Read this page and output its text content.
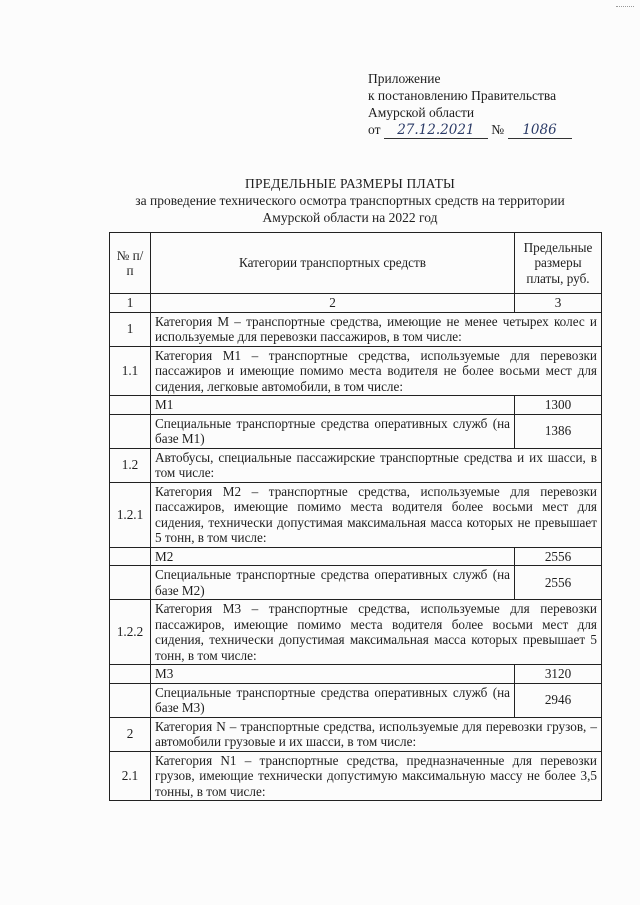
Приложение
к постановлению Правительства
Амурской области
от 27.12.2021 № 1086
ПРЕДЕЛЬНЫЕ РАЗМЕРЫ ПЛАТЫ
за проведение технического осмотра транспортных средств на территории
Амурской области на 2022 год
№ п/п	Категории транспортных средств	Предельные размеры платы, руб.
1	2	3
1	Категория М – транспортные средства, имеющие не менее четырех колес и используемые для перевозки пассажиров, в том числе:	
1.1	Категория М1 – транспортные средства, используемые для перевозки пассажиров и имеющие помимо места водителя не более восьми мест для сидения, легковые автомобили, в том числе:	
	M1	1300
	Специальные транспортные средства оперативных служб (на базе М1)	1386
1.2	Автобусы, специальные пассажирские транспортные средства и их шасси, в том числе:	
1.2.1	Категория М2 – транспортные средства, используемые для перевозки пассажиров, имеющие помимо места водителя более восьми мест для сидения, технически допустимая максимальная масса которых не превышает 5 тонн, в том числе:	
	M2	2556
	Специальные транспортные средства оперативных служб (на базе М2)	2556
1.2.2	Категория М3 – транспортные средства, используемые для перевозки пассажиров, имеющие помимо места водителя более восьми мест для сидения, технически допустимая максимальная масса которых превышает 5 тонн, в том числе:	
	M3	3120
	Специальные транспортные средства оперативных служб (на базе М3)	2946
2	Категория N – транспортные средства, используемые для перевозки грузов, – автомобили грузовые и их шасси, в том числе:	
2.1	Категория N1 – транспортные средства, предназначенные для перевозки грузов, имеющие технически допустимую максимальную массу не более 3,5 тонны, в том числе:	
